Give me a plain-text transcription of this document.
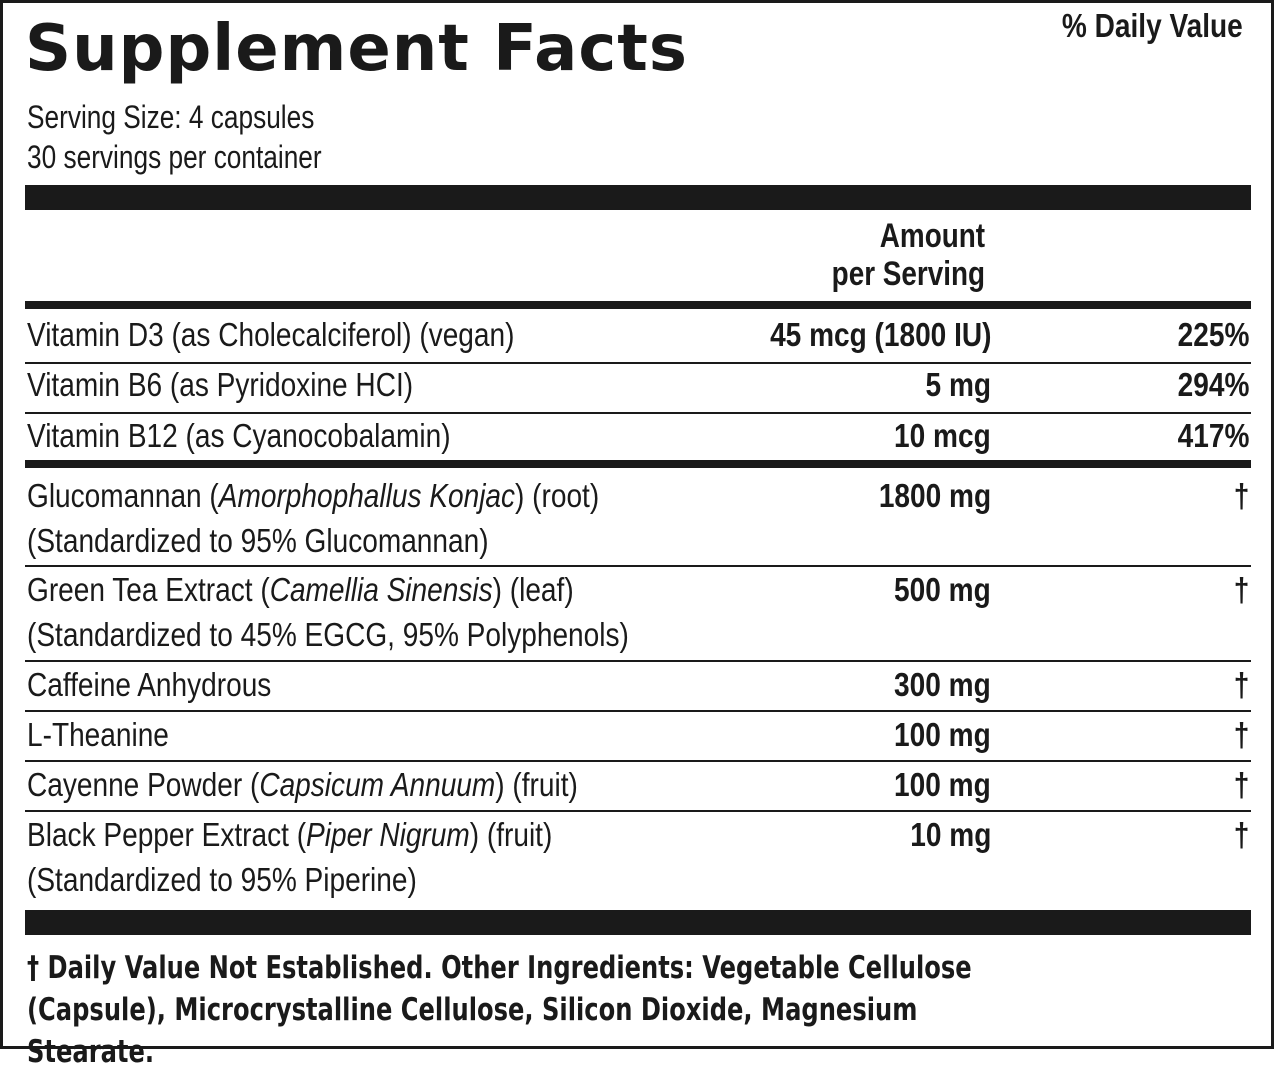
Supplement Facts
Serving Size: 4 capsules
30 servings per container
Amount
per Serving
% Daily Value
Vitamin D3 (as Cholecalciferol) (vegan)	45 mcg (1800 IU)	225%
Vitamin B6 (as Pyridoxine HCI)	5 mg	294%
Vitamin B12 (as Cyanocobalamin)	10 mcg	417%
Glucomannan (Amorphophallus Konjac) (root)
(Standardized to 95% Glucomannan)
1800 mg	†
Green Tea Extract (Camellia Sinensis) (leaf)
(Standardized to 45% EGCG, 95% Polyphenols)
500 mg	†
Caffeine Anhydrous	300 mg	†
L-Theanine	100 mg	†
Cayenne Powder (Capsicum Annuum) (fruit)	100 mg	†
Black Pepper Extract (Piper Nigrum) (fruit)
(Standardized to 95% Piperine)
10 mg	†
† Daily Value Not Established. Other Ingredients: Vegetable Cellulose
(Capsule), Microcrystalline Cellulose, Silicon Dioxide, Magnesium Stearate.
